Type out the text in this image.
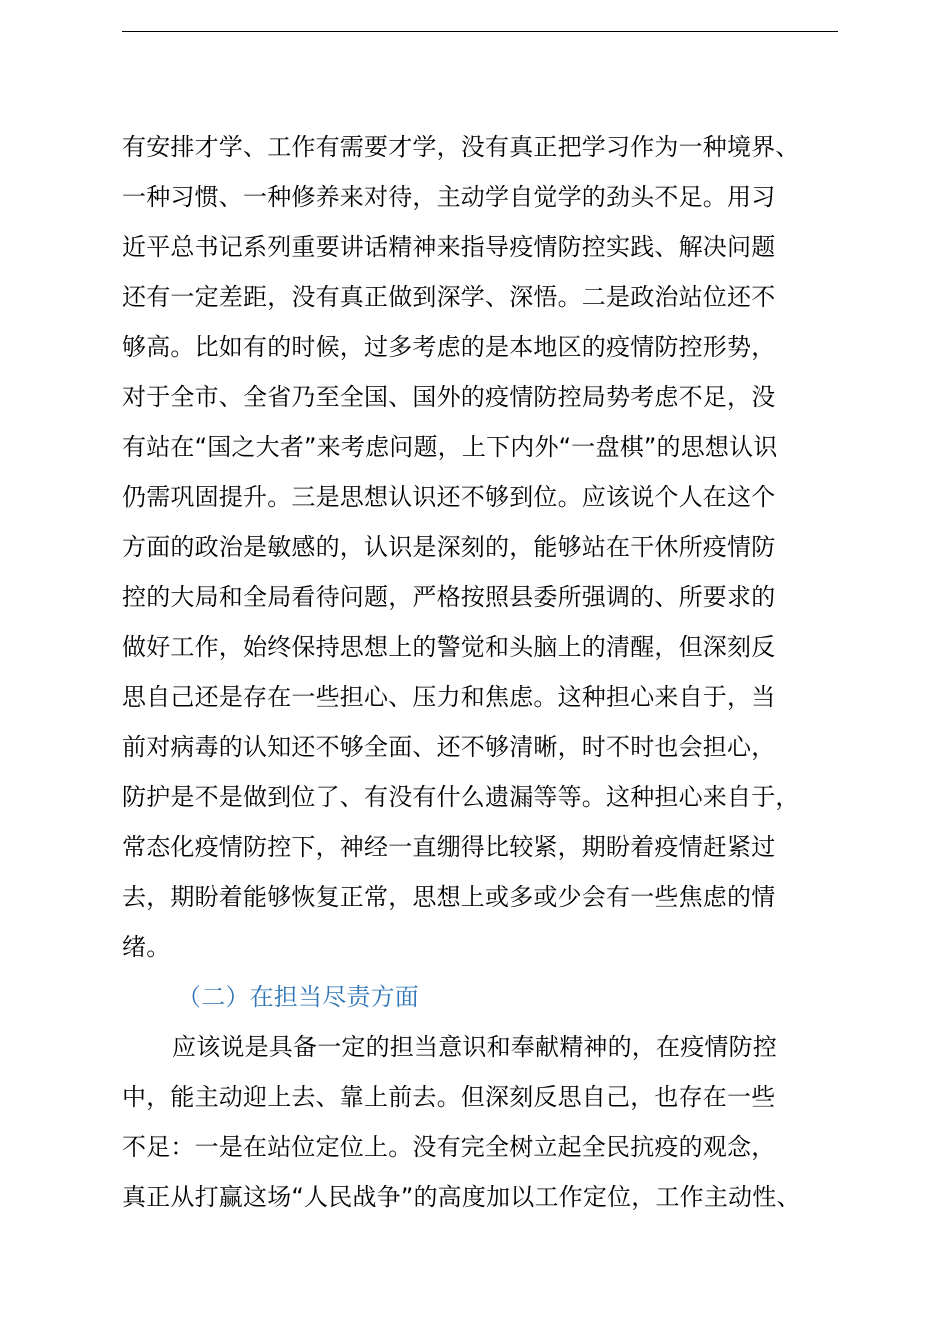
有安排才学、工作有需要才学，没有真正把学习作为一种境界、
一种习惯、一种修养来对待，主动学自觉学的劲头不足。用习
近平总书记系列重要讲话精神来指导疫情防控实践、解决问题
还有一定差距，没有真正做到深学、深悟。二是政治站位还不
够高。比如有的时候，过多考虑的是本地区的疫情防控形势，
对于全市、全省乃至全国、国外的疫情防控局势考虑不足，没
有站在“国之大者”来考虑问题，上下内外“一盘棋”的思想认识
仍需巩固提升。三是思想认识还不够到位。应该说个人在这个
方面的政治是敏感的，认识是深刻的，能够站在干休所疫情防
控的大局和全局看待问题，严格按照县委所强调的、所要求的
做好工作，始终保持思想上的警觉和头脑上的清醒，但深刻反
思自己还是存在一些担心、压力和焦虑。这种担心来自于，当
前对病毒的认知还不够全面、还不够清晰，时不时也会担心，
防护是不是做到位了、有没有什么遗漏等等。这种担心来自于，
常态化疫情防控下，神经一直绷得比较紧，期盼着疫情赶紧过
去，期盼着能够恢复正常，思想上或多或少会有一些焦虑的情
绪。
（二）在担当尽责方面
应该说是具备一定的担当意识和奉献精神的，在疫情防控
中，能主动迎上去、靠上前去。但深刻反思自己，也存在一些
不足：一是在站位定位上。没有完全树立起全民抗疫的观念，
真正从打赢这场“人民战争”的高度加以工作定位，工作主动性、
